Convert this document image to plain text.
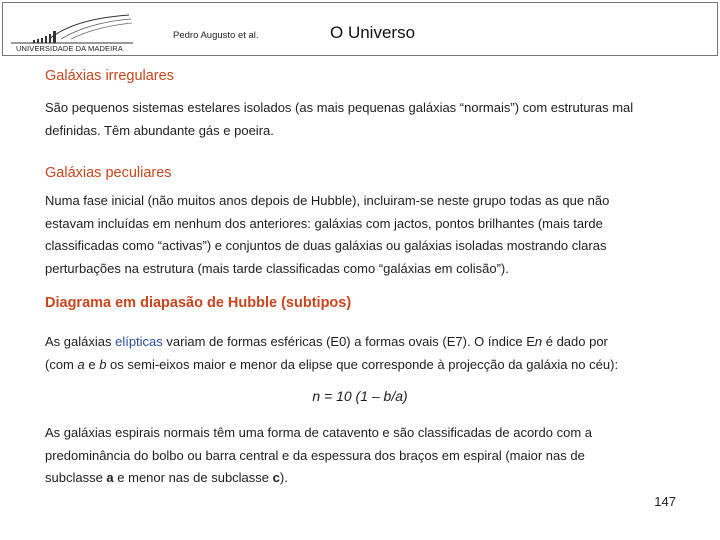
UNIVERSIDADE DA MADEIRA
Pedro Augusto et al.	O Universo
Galáxias irregulares
São pequenos sistemas estelares isolados (as mais pequenas galáxias “normais”) com estruturas mal
definidas. Têm abundante gás e poeira.
Galáxias peculiares
Numa fase inicial (não muitos anos depois de Hubble), incluiram-se neste grupo todas as que não
estavam incluídas em nenhum dos anteriores: galáxias com jactos, pontos brilhantes (mais tarde
classificadas como “activas”) e conjuntos de duas galáxias ou galáxias isoladas mostrando claras
perturbações na estrutura (mais tarde classificadas como “galáxias em colisão”).
Diagrama em diapasão de Hubble (subtipos)
As galáxias elípticas variam de formas esféricas (E0) a formas ovais (E7). O índice En é dado por
(com a e b os semi-eixos maior e menor da elipse que corresponde à projecção da galáxia no céu):
n = 10 (1 – b/a)
As galáxias espirais normais têm uma forma de catavento e são classificadas de acordo com a
predominância do bolbo ou barra central e da espessura dos braços em espiral (maior nas de
subclasse a e menor nas de subclasse c).
147
